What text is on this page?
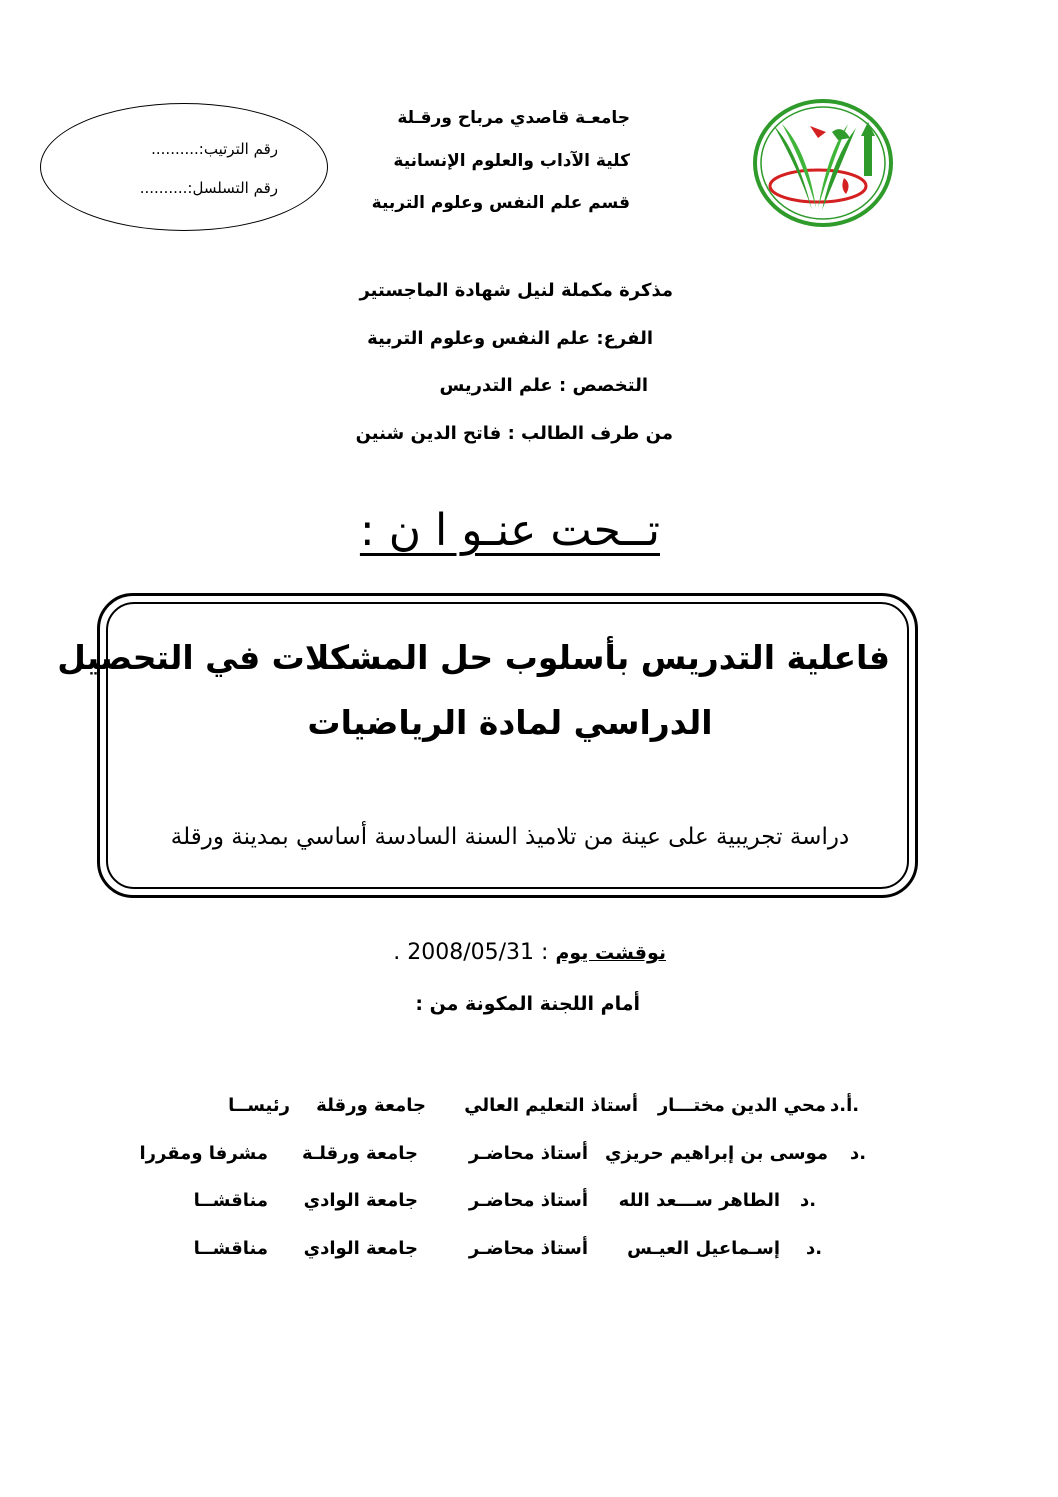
جامعـة قاصدي مرباح ورقـلة
كلية الآداب والعلوم الإنسانية
قسم علم النفس وعلوم التربية
رقم الترتيب:..........
رقم التسلسل:..........
مذكرة مكملة لنيل شهادة الماجستير
الفرع: علم النفس وعلوم التربية
التخصص : علم التدريس
من طرف الطالب : فاتح الدين شنين
تــحت عنـو ا ن :
فاعلية التدريس بأسلوب حل المشكلات في التحصيل
الدراسي لمادة الرياضيات
دراسة تجريبية على عينة من تلاميذ السنة السادسة أساسي بمدينة ورقلة
نوقشت يوم : 2008/05/31 .
أمام اللجنة المكونة من :
أ.د.
محي الدين مختـــار
أستاذ التعليم العالي
جامعة ورقلة
رئيســا
د.
موسى بن إبراهيم حريزي
أستاذ محاضـر
جامعة ورقلـة
مشرفا ومقررا
د.
الطاهر ســـعد الله
أستاذ محاضـر
جامعة الوادي
مناقشــا
د.
إسـماعيل العيـس
أستاذ محاضـر
جامعة الوادي
مناقشــا
